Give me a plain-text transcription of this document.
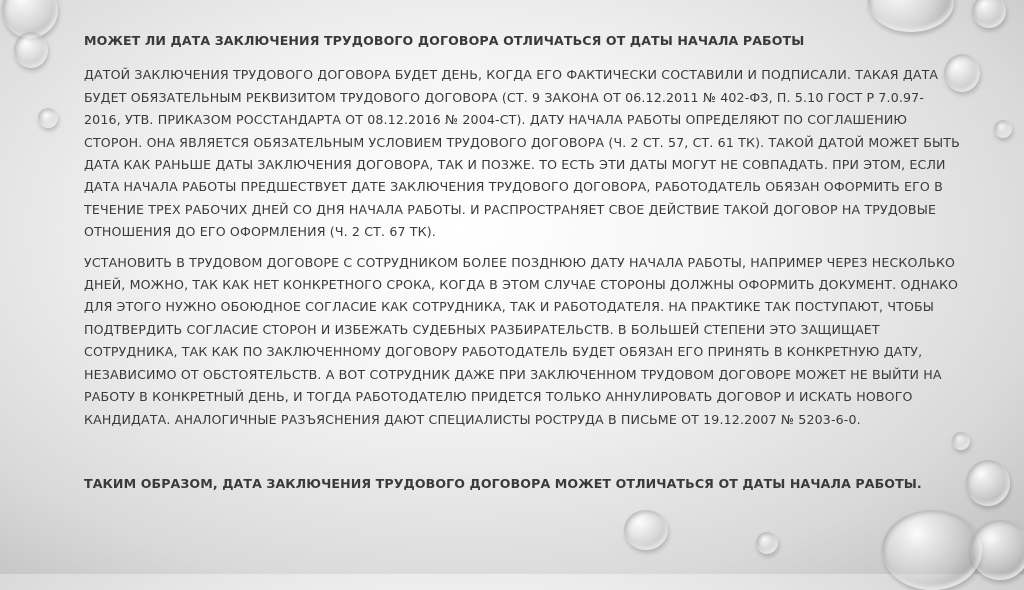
МОЖЕТ ЛИ ДАТА ЗАКЛЮЧЕНИЯ ТРУДОВОГО ДОГОВОРА ОТЛИЧАТЬСЯ ОТ ДАТЫ НАЧАЛА РАБОТЫ

ДАТОЙ ЗАКЛЮЧЕНИЯ ТРУДОВОГО ДОГОВОРА БУДЕТ ДЕНЬ, КОГДА ЕГО ФАКТИЧЕСКИ СОСТАВИЛИ И ПОДПИСАЛИ. ТАКАЯ ДАТА БУДЕТ ОБЯЗАТЕЛЬНЫМ РЕКВИЗИТОМ ТРУДОВОГО ДОГОВОРА (СТ. 9 ЗАКОНА ОТ 06.12.2011 № 402-ФЗ, П. 5.10 ГОСТ Р 7.0.97-2016, УТВ. ПРИКАЗОМ РОССТАНДАРТА ОТ 08.12.2016 № 2004-СТ). ДАТУ НАЧАЛА РАБОТЫ ОПРЕДЕЛЯЮТ ПО СОГЛАШЕНИЮ СТОРОН. ОНА ЯВЛЯЕТСЯ ОБЯЗАТЕЛЬНЫМ УСЛОВИЕМ ТРУДОВОГО ДОГОВОРА (Ч. 2 СТ. 57, СТ. 61 ТК). ТАКОЙ ДАТОЙ МОЖЕТ БЫТЬ ДАТА КАК РАНЬШЕ ДАТЫ ЗАКЛЮЧЕНИЯ ДОГОВОРА, ТАК И ПОЗЖЕ. ТО ЕСТЬ ЭТИ ДАТЫ МОГУТ НЕ СОВПАДАТЬ. ПРИ ЭТОМ, ЕСЛИ ДАТА НАЧАЛА РАБОТЫ ПРЕДШЕСТВУЕТ ДАТЕ ЗАКЛЮЧЕНИЯ ТРУДОВОГО ДОГОВОРА, РАБОТОДАТЕЛЬ ОБЯЗАН ОФОРМИТЬ ЕГО В ТЕЧЕНИЕ ТРЕХ РАБОЧИХ ДНЕЙ СО ДНЯ НАЧАЛА РАБОТЫ. И РАСПРОСТРАНЯЕТ СВОЕ ДЕЙСТВИЕ ТАКОЙ ДОГОВОР НА ТРУДОВЫЕ ОТНОШЕНИЯ ДО ЕГО ОФОРМЛЕНИЯ (Ч. 2 СТ. 67 ТК).

УСТАНОВИТЬ В ТРУДОВОМ ДОГОВОРЕ С СОТРУДНИКОМ БОЛЕЕ ПОЗДНЮЮ ДАТУ НАЧАЛА РАБОТЫ, НАПРИМЕР ЧЕРЕЗ НЕСКОЛЬКО ДНЕЙ, МОЖНО, ТАК КАК НЕТ КОНКРЕТНОГО СРОКА, КОГДА В ЭТОМ СЛУЧАЕ СТОРОНЫ ДОЛЖНЫ ОФОРМИТЬ ДОКУМЕНТ. ОДНАКО ДЛЯ ЭТОГО НУЖНО ОБОЮДНОЕ СОГЛАСИЕ КАК СОТРУДНИКА, ТАК И РАБОТОДАТЕЛЯ. НА ПРАКТИКЕ ТАК ПОСТУПАЮТ, ЧТОБЫ ПОДТВЕРДИТЬ СОГЛАСИЕ СТОРОН И ИЗБЕЖАТЬ СУДЕБНЫХ РАЗБИРАТЕЛЬСТВ. В БОЛЬШЕЙ СТЕПЕНИ ЭТО ЗАЩИЩАЕТ СОТРУДНИКА, ТАК КАК ПО ЗАКЛЮЧЕННОМУ ДОГОВОРУ РАБОТОДАТЕЛЬ БУДЕТ ОБЯЗАН ЕГО ПРИНЯТЬ В КОНКРЕТНУЮ ДАТУ, НЕЗАВИСИМО ОТ ОБСТОЯТЕЛЬСТВ. А ВОТ СОТРУДНИК ДАЖЕ ПРИ ЗАКЛЮЧЕННОМ ТРУДОВОМ ДОГОВОРЕ МОЖЕТ НЕ ВЫЙТИ НА РАБОТУ В КОНКРЕТНЫЙ ДЕНЬ, И ТОГДА РАБОТОДАТЕЛЮ ПРИДЕТСЯ ТОЛЬКО АННУЛИРОВАТЬ ДОГОВОР И ИСКАТЬ НОВОГО КАНДИДАТА. АНАЛОГИЧНЫЕ РАЗЪЯСНЕНИЯ ДАЮТ СПЕЦИАЛИСТЫ РОСТРУДА В ПИСЬМЕ ОТ 19.12.2007 № 5203-6-0.

ТАКИМ ОБРАЗОМ, ДАТА ЗАКЛЮЧЕНИЯ ТРУДОВОГО ДОГОВОРА МОЖЕТ ОТЛИЧАТЬСЯ ОТ ДАТЫ НАЧАЛА РАБОТЫ.
